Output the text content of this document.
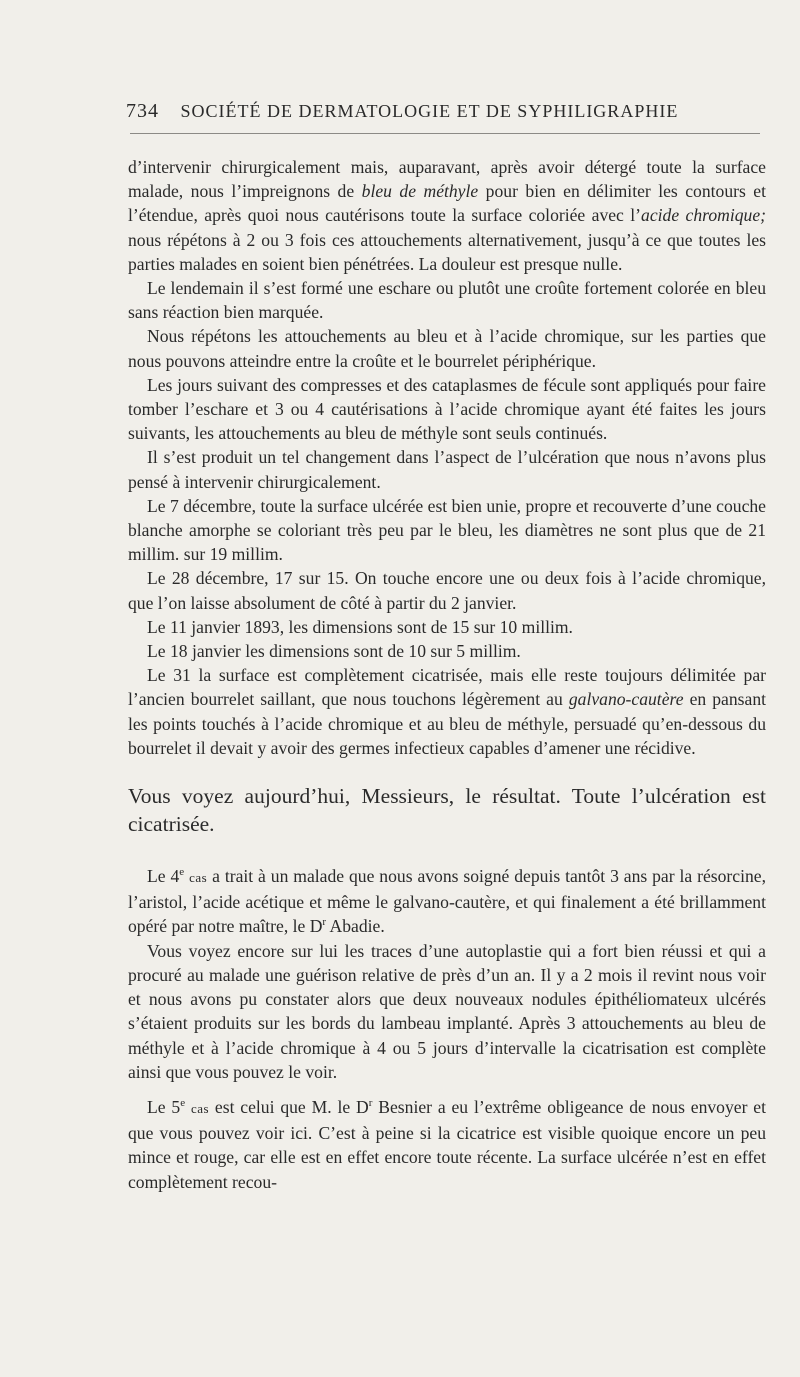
734 SOCIÉTÉ DE DERMATOLOGIE ET DE SYPHILIGRAPHIE

d’intervenir chirurgicalement mais, auparavant, après avoir détergé toute la surface malade, nous l’impreignons de bleu de méthyle pour bien en délimiter les contours et l’étendue, après quoi nous cautérisons toute la surface coloriée avec l’acide chromique; nous répétons à 2 ou 3 fois ces attouchements alternativement, jusqu’à ce que toutes les parties malades en soient bien pénétrées. La douleur est presque nulle.

Le lendemain il s’est formé une eschare ou plutôt une croûte fortement colorée en bleu sans réaction bien marquée.

Nous répétons les attouchements au bleu et à l’acide chromique, sur les parties que nous pouvons atteindre entre la croûte et le bourrelet périphérique.

Les jours suivant des compresses et des cataplasmes de fécule sont appliqués pour faire tomber l’eschare et 3 ou 4 cautérisations à l’acide chromique ayant été faites les jours suivants, les attouchements au bleu de méthyle sont seuls continués.

Il s’est produit un tel changement dans l’aspect de l’ulcération que nous n’avons plus pensé à intervenir chirurgicalement.

Le 7 décembre, toute la surface ulcérée est bien unie, propre et recouverte d’une couche blanche amorphe se coloriant très peu par le bleu, les diamètres ne sont plus que de 21 millim. sur 19 millim.

Le 28 décembre, 17 sur 15. On touche encore une ou deux fois à l’acide chromique, que l’on laisse absolument de côté à partir du 2 janvier.

Le 11 janvier 1893, les dimensions sont de 15 sur 10 millim.

Le 18 janvier les dimensions sont de 10 sur 5 millim.

Le 31 la surface est complètement cicatrisée, mais elle reste toujours délimitée par l’ancien bourrelet saillant, que nous touchons légèrement au galvano-cautère en pansant les points touchés à l’acide chromique et au bleu de méthyle, persuadé qu’en-dessous du bourrelet il devait y avoir des germes infectieux capables d’amener une récidive.

Vous voyez aujourd’hui, Messieurs, le résultat. Toute l’ulcération est cicatrisée.

Le 4e cas a trait à un malade que nous avons soigné depuis tantôt 3 ans par la résorcine, l’aristol, l’acide acétique et même le galvano-cautère, et qui finalement a été brillamment opéré par notre maître, le $D^r$ Abadie.

Vous voyez encore sur lui les traces d’une autoplastie qui a fort bien réussi et qui a procuré au malade une guérison relative de près d’un an. Il y a 2 mois il revint nous voir et nous avons pu constater alors que deux nouveaux nodules épithéliomateux ulcérés s’étaient produits sur les bords du lambeau implanté. Après 3 attouchements au bleu de méthyle et à l’acide chromique à 4 ou 5 jours d’intervalle la cicatrisation est complète ainsi que vous pouvez le voir.

Le 5e cas est celui que M. le $D^r$ Besnier a eu l’extrême obligeance de nous envoyer et que vous pouvez voir ici. C’est à peine si la cicatrice est visible quoique encore un peu mince et rouge, car elle est en effet encore toute récente. La surface ulcérée n’est en effet complètement recou-
